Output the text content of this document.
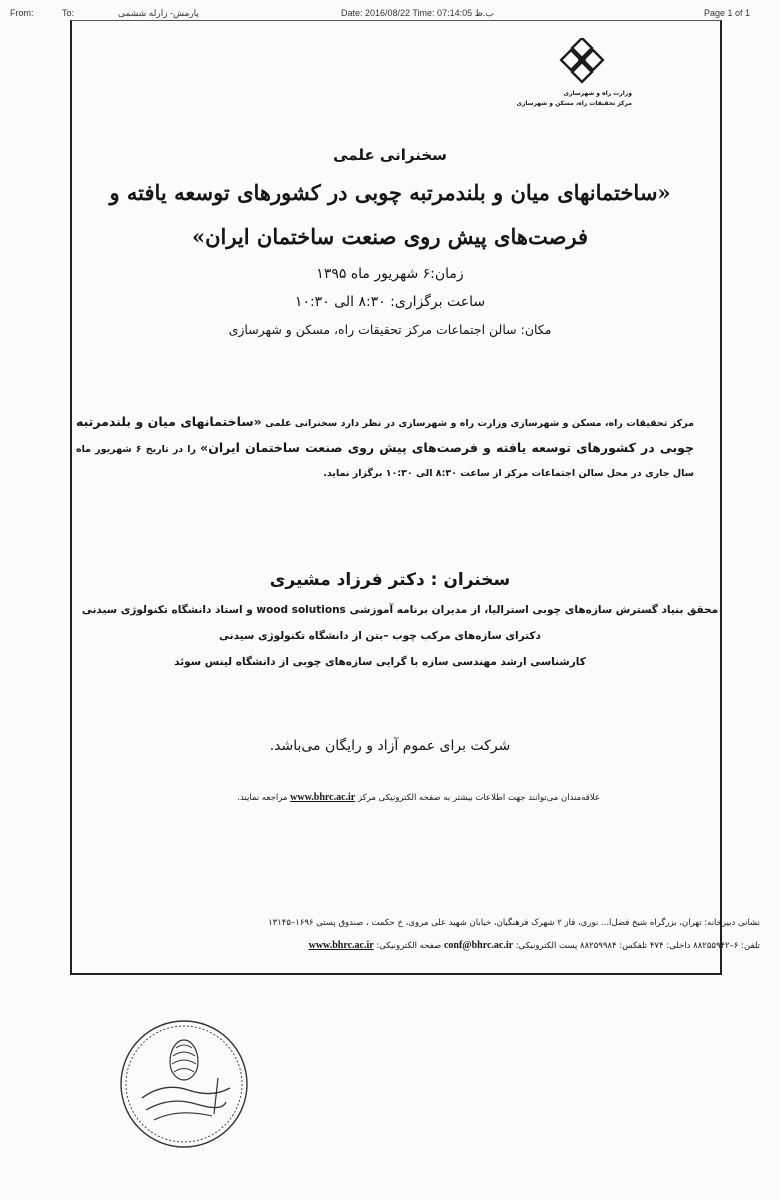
From:	To:	پارمش- زارله ششمی	Date: 2016/08/22 Time: 07:14:05 ب.ظ	Page 1 of 1
وزارت راه و شهرسازی
مرکز تحقیقات راه، مسکن و شهرسازی
سخنرانی علمی
«ساختمانهای میان و بلندمرتبه چوبی در کشورهای توسعه یافته و
فرصت‌های پیش روی صنعت ساختمان ایران»
زمان:۶ شهریور ماه ۱۳۹۵
ساعت برگزاری: ۸:۳۰ الی ۱۰:۳۰
مکان: سالن اجتماعات مرکز تحقیقات راه، مسکن و شهرسازی
مرکز تحقیقات راه، مسکن و شهرسازی وزارت راه و شهرسازی در نظر دارد سخنرانی علمی «ساختمانهای میان و بلندمرتبه چوبی در کشورهای توسعه یافته و فرصت‌های پیش روی صنعت ساختمان ایران» را در تاریخ ۶ شهریور ماه سال جاری در محل سالن اجتماعات مرکز از ساعت ۸:۳۰ الی ۱۰:۳۰ برگزار نماید.
سخنران : دکتر فرزاد مشیری
محقق بنیاد گسترش سازه‌های چوبی استرالیا، از مدیران برنامه آموزشی wood solutions و استاد دانشگاه تکنولوژی سیدنی
دکترای سازه‌های مرکب چوب –بتن از دانشگاه تکنولوژی سیدنی
کارشناسی ارشد مهندسی سازه با گرایی سازه‌های چوبی از دانشگاه لینس سوئد
شرکت برای عموم آزاد و رایگان می‌باشد.
علاقه‌مندان می‌توانند جهت اطلاعات بیشتر به صفحه الکترونیکی مرکز www.bhrc.ac.ir مراجعه نمایند.
نشانی دبیرخانه: تهران، بزرگراه شیخ فضل‌ا... نوری، فاز ۲ شهرک فرهنگیان، خیابان شهید علی مروی، خ حکمت ، صندوق پستی ۱۶۹۶–۱۳۱۴۵
تلفن: ۶–۸۸۲۵۵۹۴۲ داخلی: ۴۷۴ تلفکس: ۸۸۲۵۹۹۸۴ پست الکترونیکی: conf@bhrc.ac.ir صفحه الکترونیکی: www.bhrc.ac.ir
